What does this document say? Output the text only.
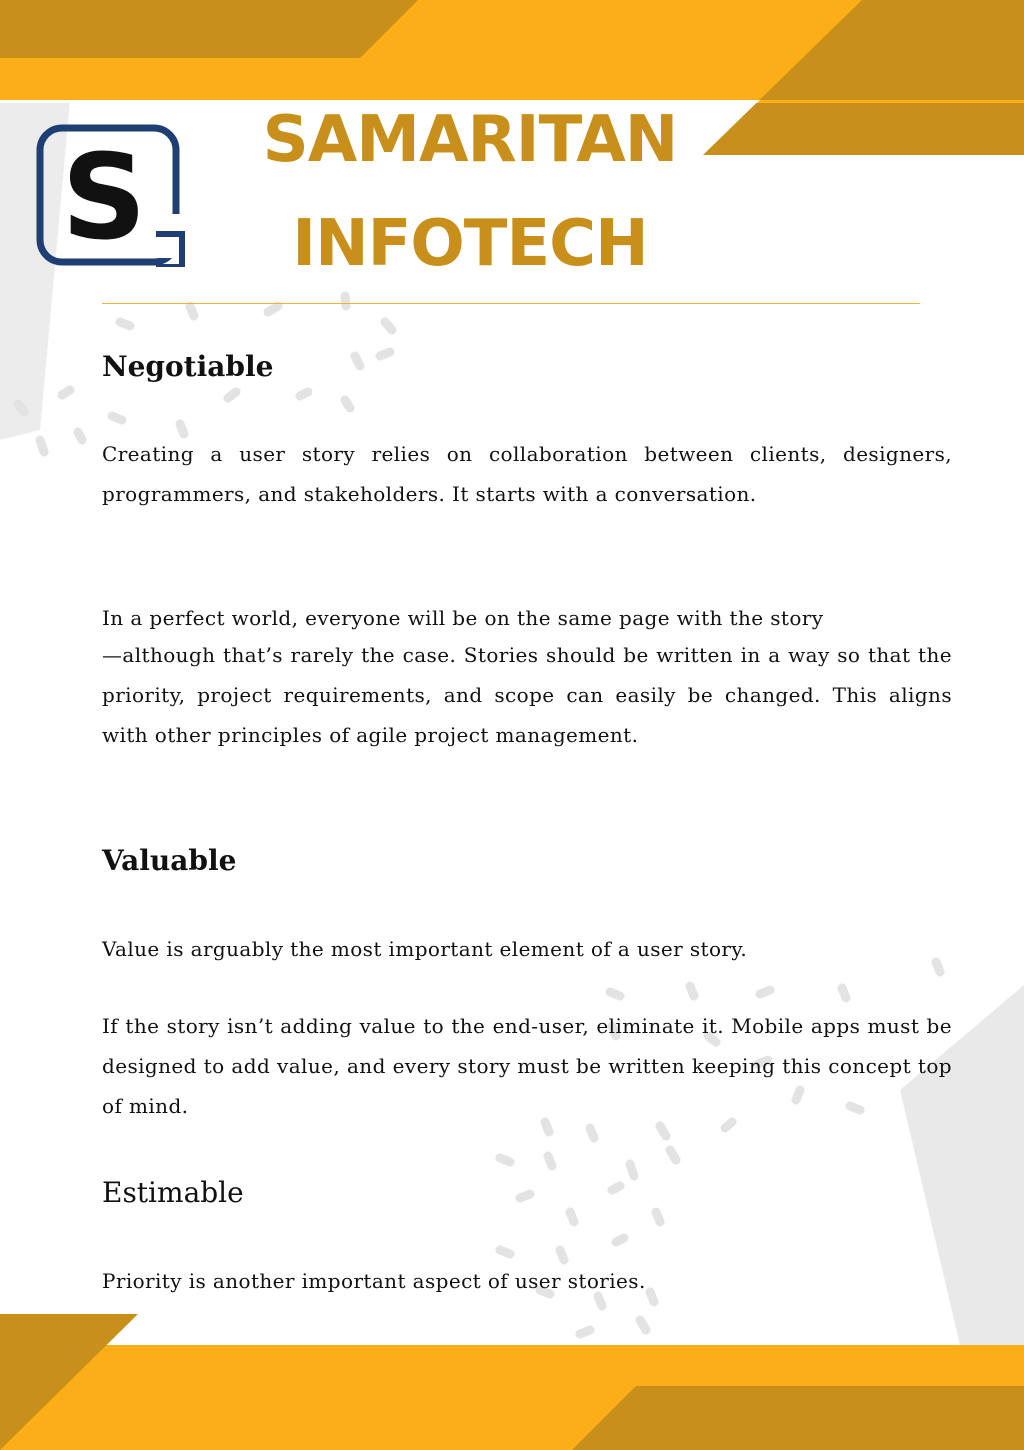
S	SAMARITAN
INFOTECH
Negotiable

Creating a user story relies on collaboration between clients, designers, programmers, and stakeholders. It starts with a conversation.

In a perfect world, everyone will be on the same page with the story

—although that’s rarely the case. Stories should be written in a way so that the priority, project requirements, and scope can easily be changed. This aligns with other principles of agile project management.

Valuable

Value is arguably the most important element of a user story.

If the story isn’t adding value to the end-user, eliminate it. Mobile apps must be designed to add value, and every story must be written keeping this concept top of mind.

Estimable

Priority is another important aspect of user stories.
